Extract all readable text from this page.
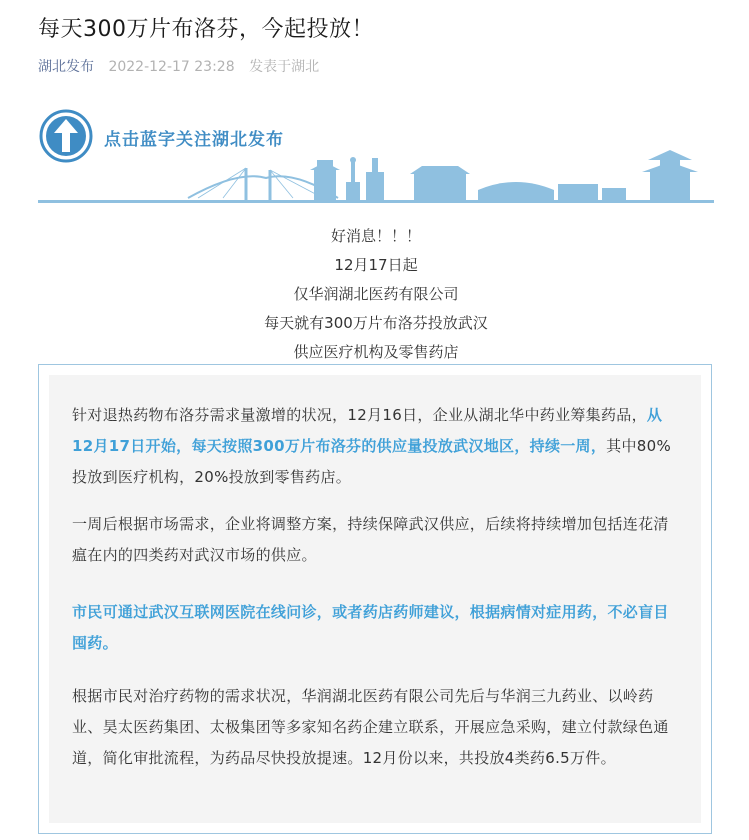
每天300万片布洛芬，今起投放！
湖北发布 2022-12-17 23:28 发表于湖北
点击蓝字关注湖北发布

好消息！！！

12月17日起

仅华润湖北医药有限公司

每天就有300万片布洛芬投放武汉

供应医疗机构及零售药店

针对退热药物布洛芬需求量激增的状况，12月16日，企业从湖北华中药业筹集药品，从12月17日开始，每天按照300万片布洛芬的供应量投放武汉地区，持续一周，其中80%投放到医疗机构，20%投放到零售药店。

一周后根据市场需求，企业将调整方案，持续保障武汉供应，后续将持续增加包括连花清瘟在内的四类药对武汉市场的供应。

市民可通过武汉互联网医院在线问诊，或者药店药师建议，根据病情对症用药，不必盲目囤药。

根据市民对治疗药物的需求状况，华润湖北医药有限公司先后与华润三九药业、以岭药业、昊太医药集团、太极集团等多家知名药企建立联系，开展应急采购，建立付款绿色通道，简化审批流程，为药品尽快投放提速。12月份以来，共投放4类药6.5万件。
